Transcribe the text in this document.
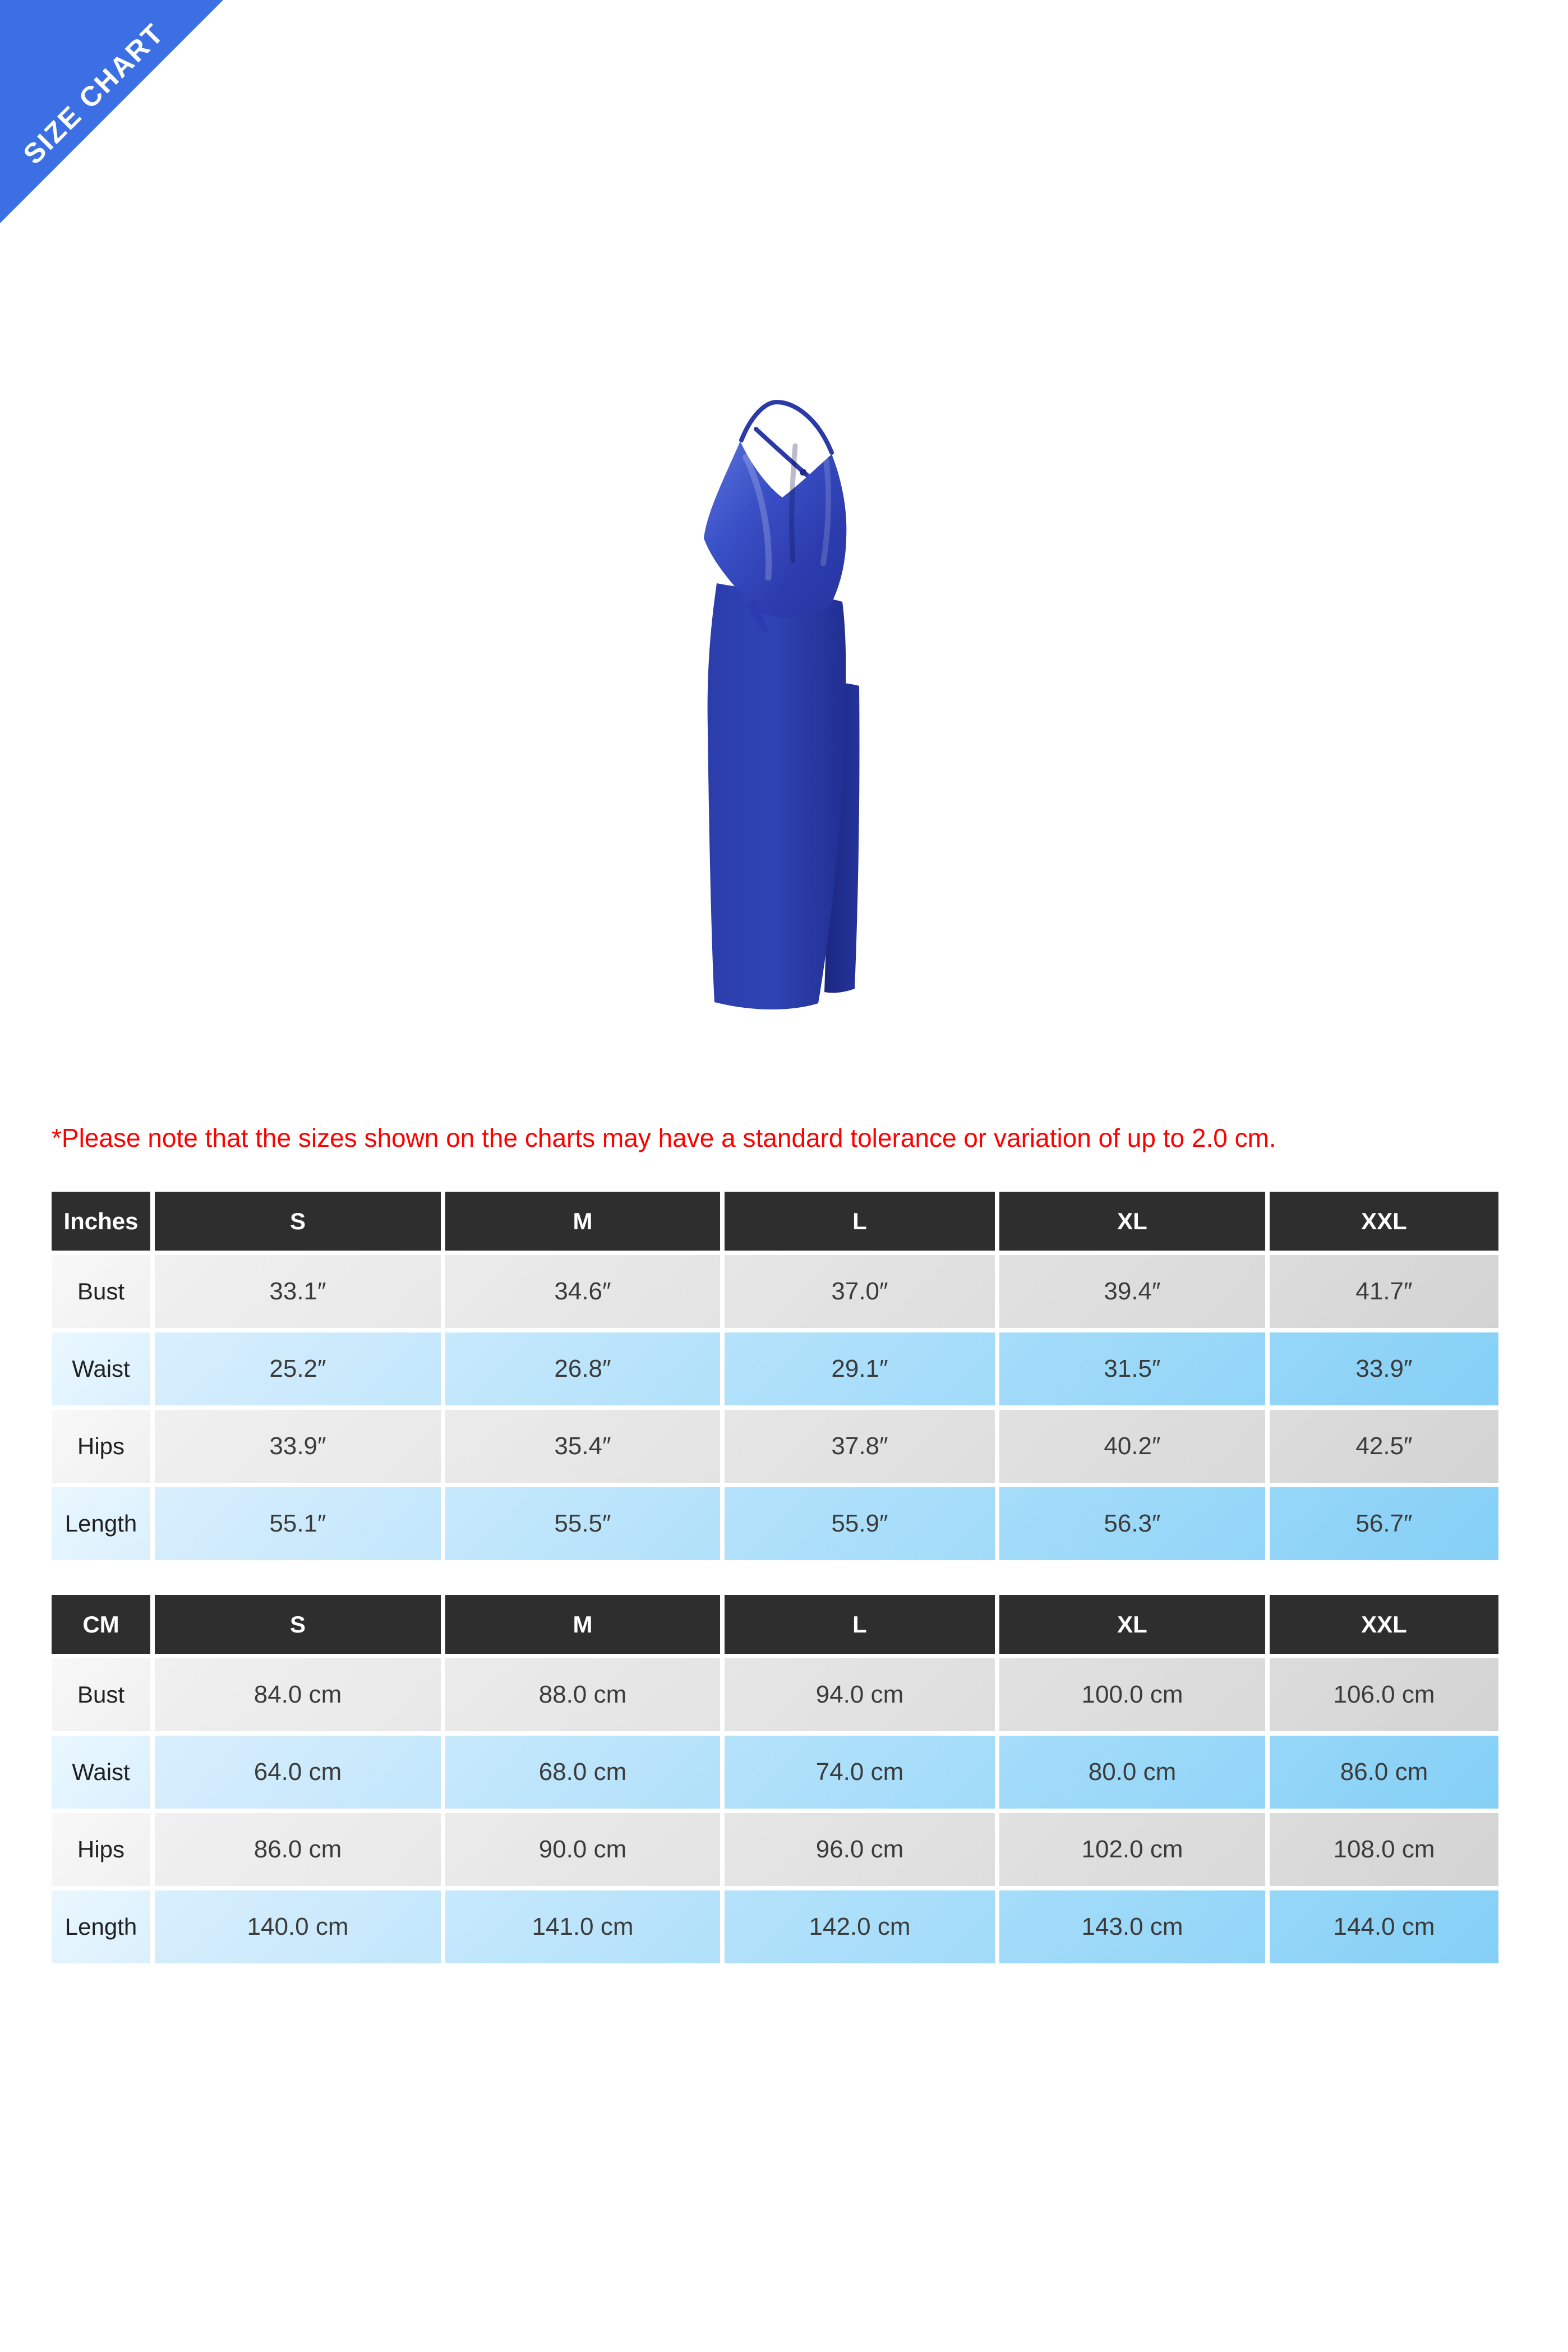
SIZE CHART

*Please note that the sizes shown on the charts may have a standard tolerance or variation of up to 2.0 cm.

Inches	S	M	L	XL	XXL
Bust	33.1″	34.6″	37.0″	39.4″	41.7″
Waist	25.2″	26.8″	29.1″	31.5″	33.9″
Hips	33.9″	35.4″	37.8″	40.2″	42.5″
Length	55.1″	55.5″	55.9″	56.3″	56.7″
CM	S	M	L	XL	XXL
Bust	84.0 cm	88.0 cm	94.0 cm	100.0 cm	106.0 cm
Waist	64.0 cm	68.0 cm	74.0 cm	80.0 cm	86.0 cm
Hips	86.0 cm	90.0 cm	96.0 cm	102.0 cm	108.0 cm
Length	140.0 cm	141.0 cm	142.0 cm	143.0 cm	144.0 cm
